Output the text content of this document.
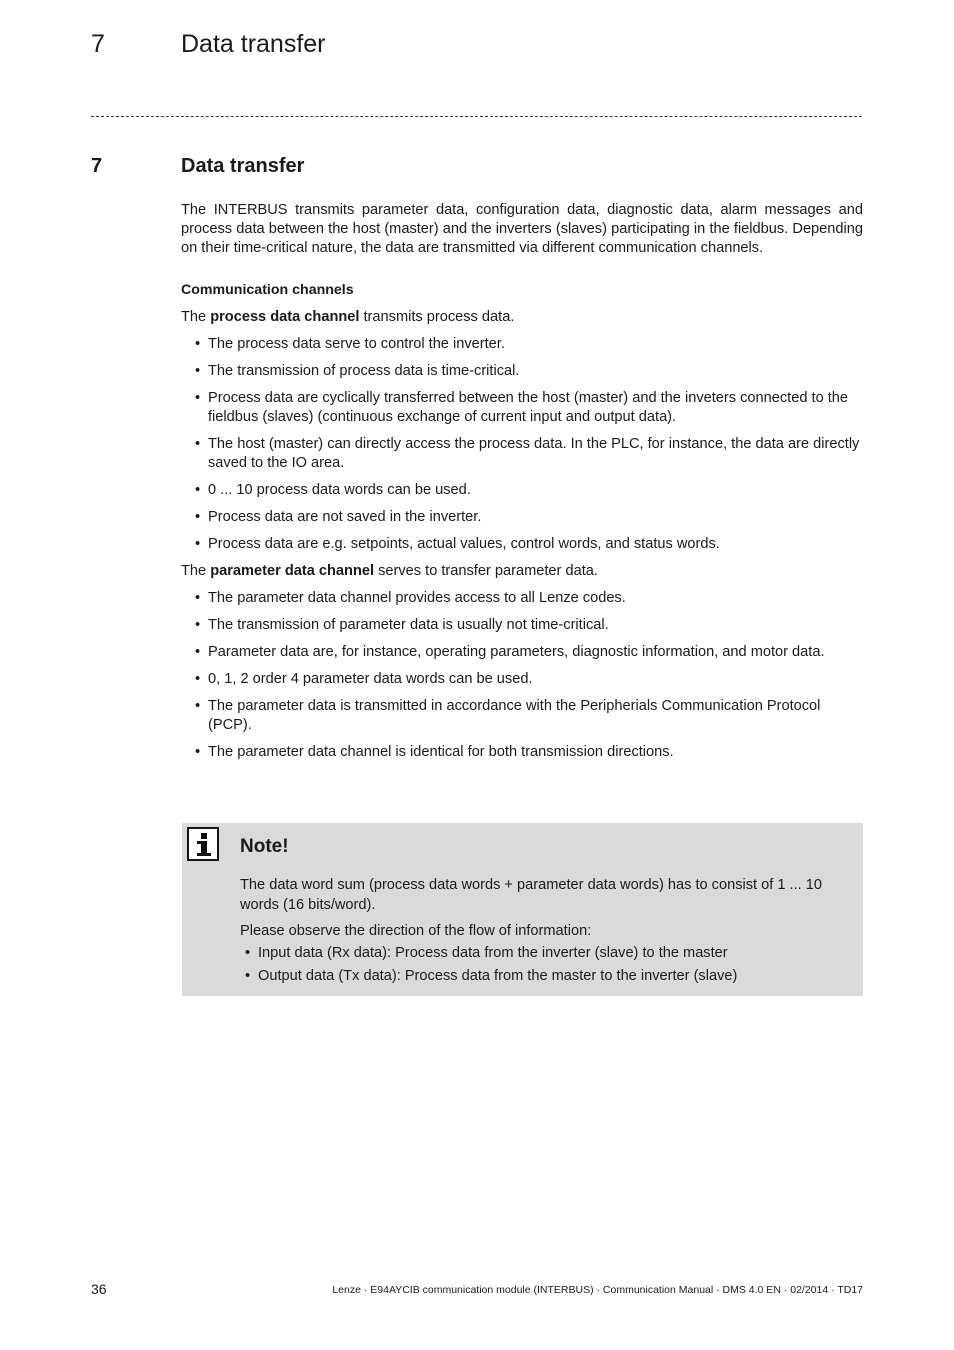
7	Data transfer
7	Data transfer

The INTERBUS transmits parameter data, configuration data, diagnostic data, alarm messages and process data between the host (master) and the inverters (slaves) participating in the fieldbus. Depending on their time-critical nature, the data are transmitted via different communication channels.

Communication channels

The process data channel transmits process data.

• The process data serve to control the inverter.
• The transmission of process data is time-critical.
• Process data are cyclically transferred between the host (master) and the inveters connected to the fieldbus (slaves) (continuous exchange of current input and output data).
• The host (master) can directly access the process data. In the PLC, for instance, the data are directly saved to the IO area.
• 0 ... 10 process data words can be used.
• Process data are not saved in the inverter.
• Process data are e.g. setpoints, actual values, control words, and status words.

The parameter data channel serves to transfer parameter data.

• The parameter data channel provides access to all Lenze codes.
• The transmission of parameter data is usually not time-critical.
• Parameter data are, for instance, operating parameters, diagnostic information, and motor data.
• 0, 1, 2 order 4 parameter data words can be used.
• The parameter data is transmitted in accordance with the Peripherials Communication Protocol (PCP).
• The parameter data channel is identical for both transmission directions.
Note!

The data word sum (process data words + parameter data words) has to consist of 1 ... 10 words (16 bits/word).

Please observe the direction of the flow of information:

• Input data (Rx data): Process data from the inverter (slave) to the master
• Output data (Tx data): Process data from the master to the inverter (slave)
36	Lenze · E94AYCIB communication module (INTERBUS) · Communication Manual · DMS 4.0 EN · 02/2014 · TD17
